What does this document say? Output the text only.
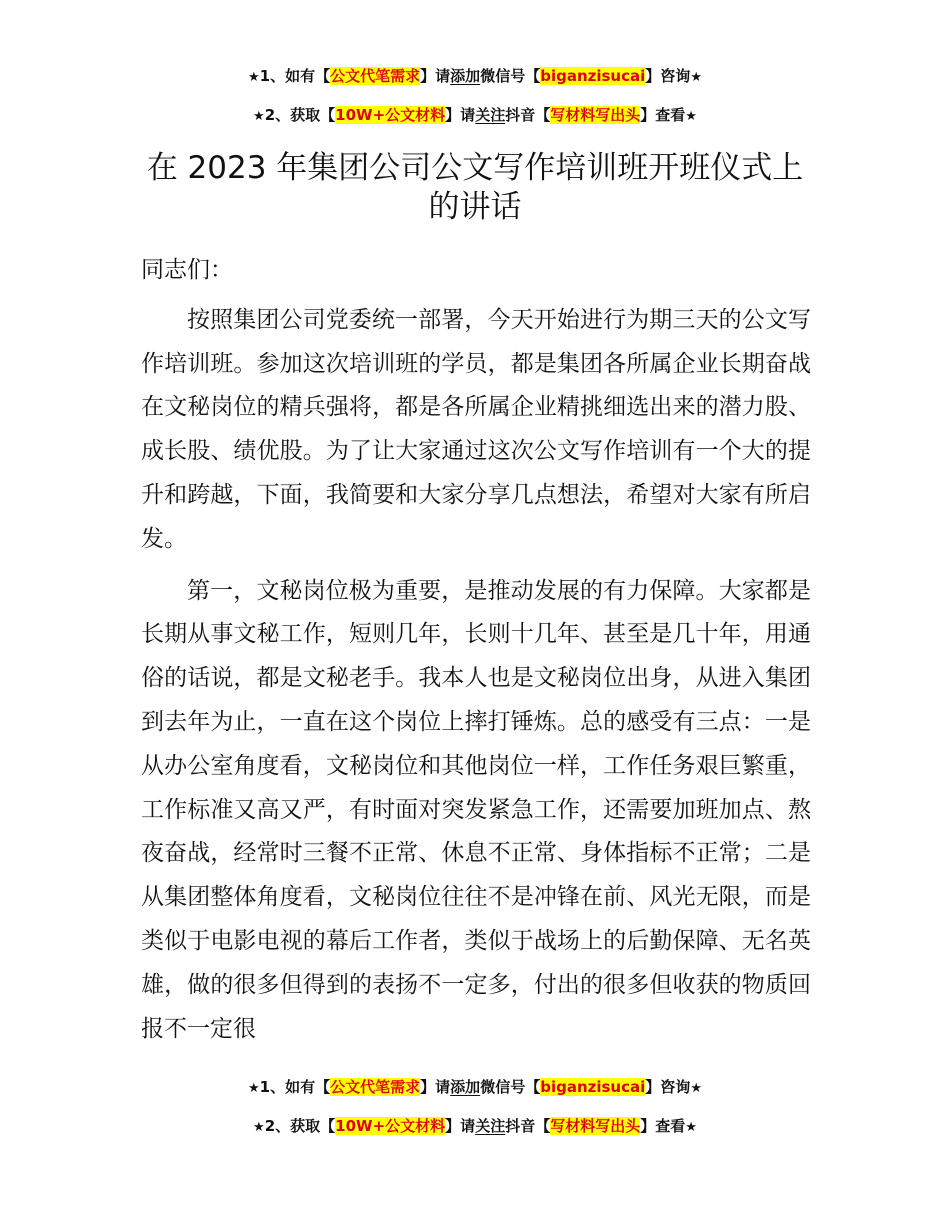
★1、如有【公文代笔需求】请添加微信号【biganzisucai】咨询★
★2、获取【10W+公文材料】请关注抖音【写材料写出头】查看★
在 2023 年集团公司公文写作培训班开班仪式上
的讲话

同志们：

按照集团公司党委统一部署，今天开始进行为期三天的公文写作培训班。参加这次培训班的学员，都是集团各所属企业长期奋战在文秘岗位的精兵强将，都是各所属企业精挑细选出来的潜力股、成长股、绩优股。为了让大家通过这次公文写作培训有一个大的提升和跨越，下面，我简要和大家分享几点想法，希望对大家有所启发。

第一，文秘岗位极为重要，是推动发展的有力保障。大家都是长期从事文秘工作，短则几年，长则十几年、甚至是几十年，用通俗的话说，都是文秘老手。我本人也是文秘岗位出身，从进入集团到去年为止，一直在这个岗位上摔打锤炼。总的感受有三点：一是从办公室角度看，文秘岗位和其他岗位一样，工作任务艰巨繁重，工作标准又高又严，有时面对突发紧急工作，还需要加班加点、熬夜奋战，经常时三餐不正常、休息不正常、身体指标不正常；二是从集团整体角度看，文秘岗位往往不是冲锋在前、风光无限，而是类似于电影电视的幕后工作者，类似于战场上的后勤保障、无名英雄，做的很多但得到的表扬不一定多，付出的很多但收获的物质回报不一定很

★1、如有【公文代笔需求】请添加微信号【biganzisucai】咨询★
★2、获取【10W+公文材料】请关注抖音【写材料写出头】查看★
